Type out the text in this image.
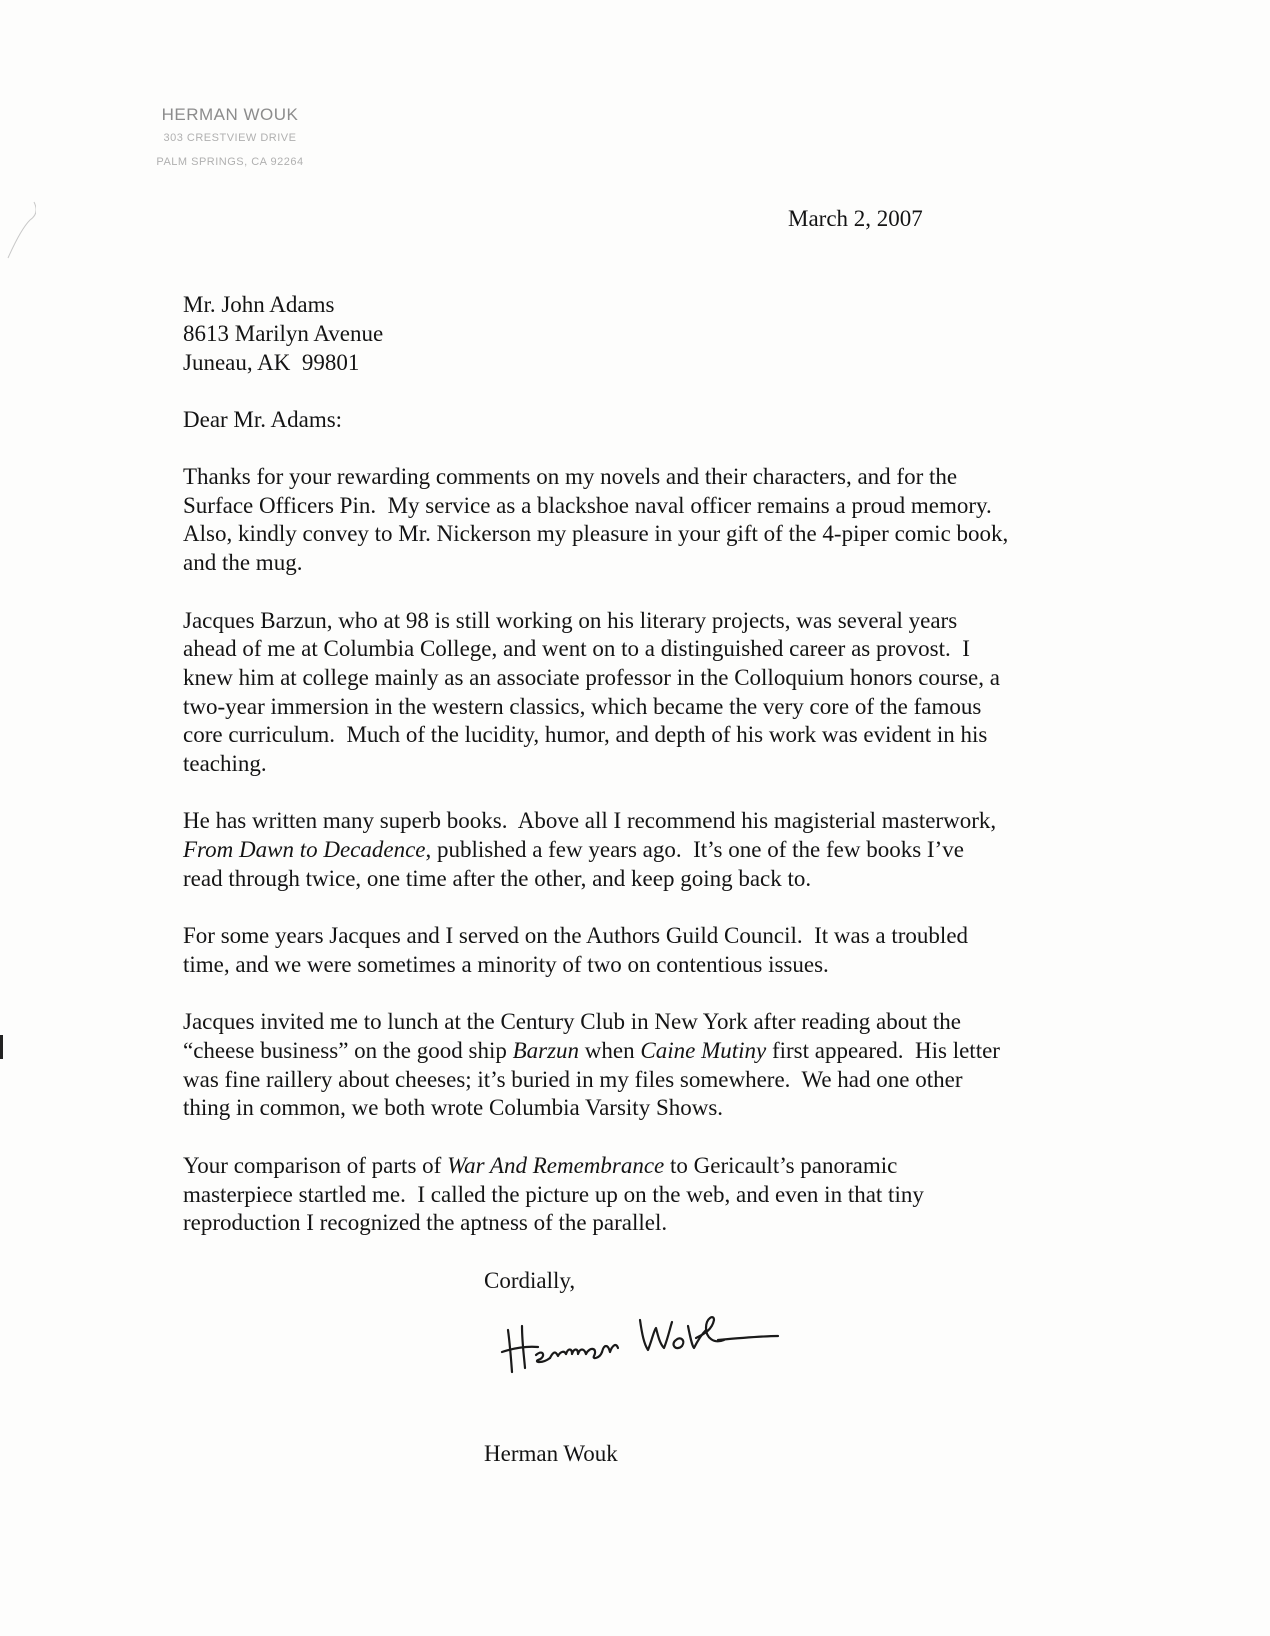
HERMAN WOUK
303 CRESTVIEW DRIVE
PALM SPRINGS, CA 92264
March 2, 2007
Mr. John Adams
8613 Marilyn Avenue
Juneau, AK  99801
Dear Mr. Adams:
Thanks for your rewarding comments on my novels and their characters, and for the
Surface Officers Pin.  My service as a blackshoe naval officer remains a proud memory.
Also, kindly convey to Mr. Nickerson my pleasure in your gift of the 4-piper comic book,
and the mug.
Jacques Barzun, who at 98 is still working on his literary projects, was several years
ahead of me at Columbia College, and went on to a distinguished career as provost.  I
knew him at college mainly as an associate professor in the Colloquium honors course, a
two-year immersion in the western classics, which became the very core of the famous
core curriculum.  Much of the lucidity, humor, and depth of his work was evident in his
teaching.
He has written many superb books.  Above all I recommend his magisterial masterwork,
From Dawn to Decadence, published a few years ago.  It’s one of the few books I’ve
read through twice, one time after the other, and keep going back to.
For some years Jacques and I served on the Authors Guild Council.  It was a troubled
time, and we were sometimes a minority of two on contentious issues.
Jacques invited me to lunch at the Century Club in New York after reading about the
“cheese business” on the good ship Barzun when Caine Mutiny first appeared.  His letter
was fine raillery about cheeses; it’s buried in my files somewhere.  We had one other
thing in common, we both wrote Columbia Varsity Shows.
Your comparison of parts of War And Remembrance to Gericault’s panoramic
masterpiece startled me.  I called the picture up on the web, and even in that tiny
reproduction I recognized the aptness of the parallel.
Cordially,
Herman Wouk
